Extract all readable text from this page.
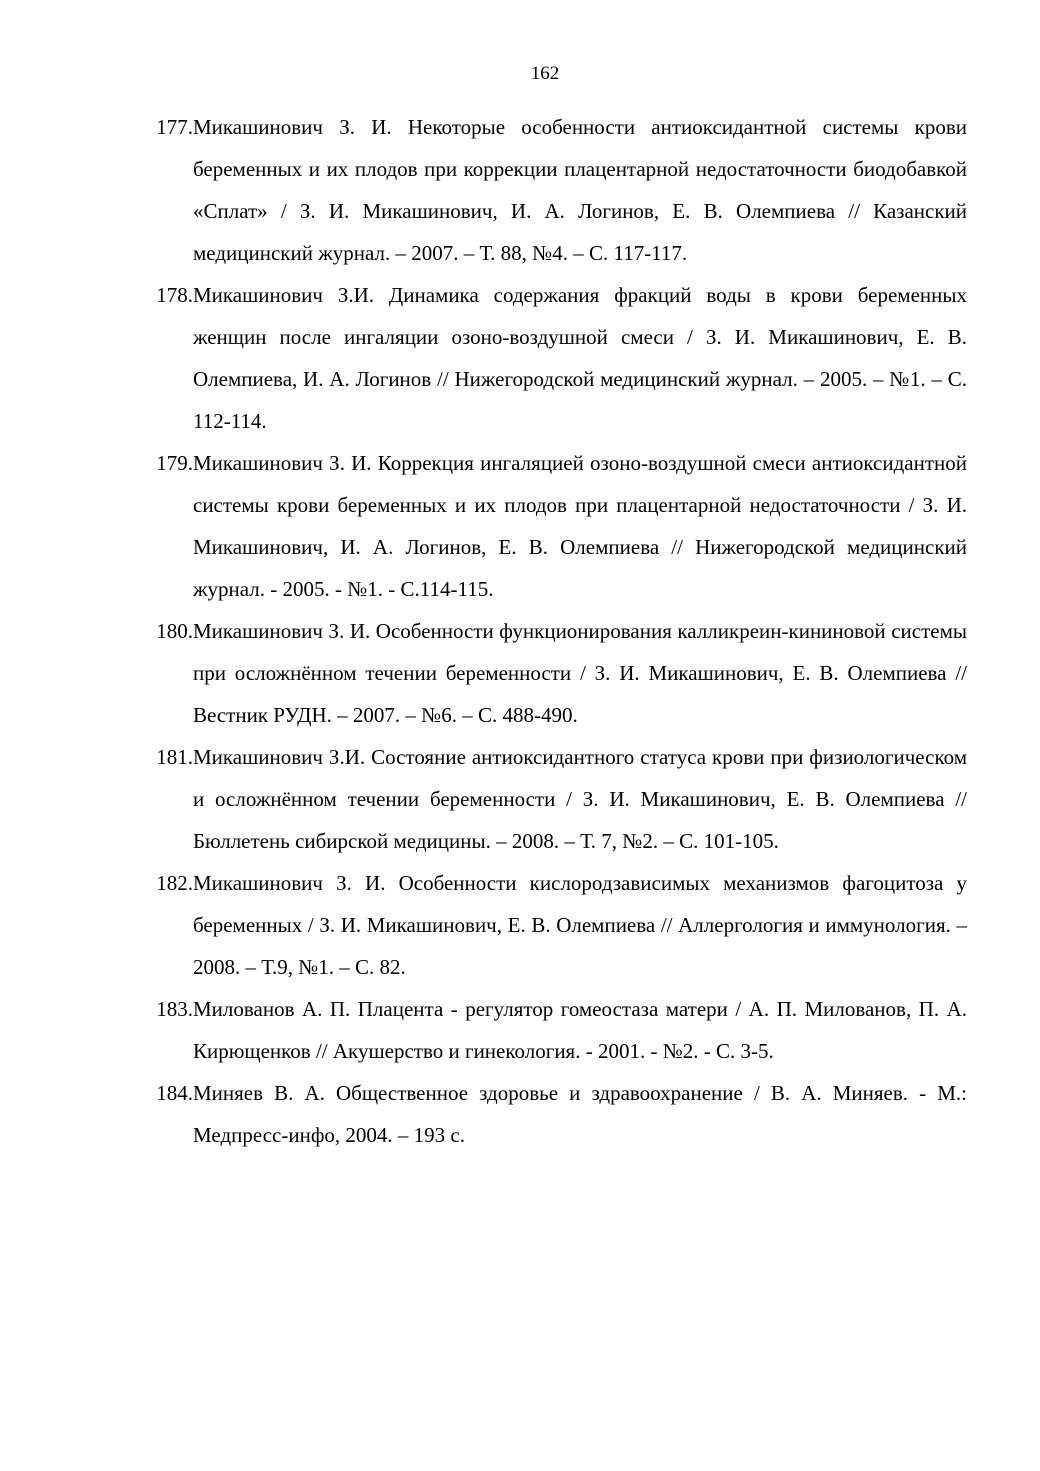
162
177. Микашинович З. И. Некоторые особенности антиоксидантной системы крови беременных и их плодов при коррекции плацентарной недостаточности биодобавкой «Сплат» / З. И. Микашинович, И. А. Логинов, Е. В. Олемпиева // Казанский медицинский журнал. – 2007. – Т. 88, №4. – С. 117-117.
178. Микашинович З.И. Динамика содержания фракций воды в крови беременных женщин после ингаляции озоно-воздушной смеси / З. И. Микашинович, Е. В. Олемпиева, И. А. Логинов // Нижегородской медицинский журнал. – 2005. – №1. – С. 112-114.
179. Микашинович З. И. Коррекция ингаляцией озоно-воздушной смеси антиоксидантной системы крови беременных и их плодов при плацентарной недостаточности / З. И. Микашинович, И. А. Логинов, Е. В. Олемпиева // Нижегородской медицинский журнал. - 2005. - №1. - С.114-115.
180. Микашинович З. И. Особенности функционирования калликреин-кининовой системы при осложнённом течении беременности / З. И. Микашинович, Е. В. Олемпиева // Вестник РУДН. – 2007. – №6. – С. 488-490.
181. Микашинович З.И. Состояние антиоксидантного статуса крови при физиологическом и осложнённом течении беременности / З. И. Микашинович, Е. В. Олемпиева // Бюллетень сибирской медицины. – 2008. – Т. 7, №2. – С. 101-105.
182. Микашинович З. И. Особенности кислородзависимых механизмов фагоцитоза у беременных / З. И. Микашинович, Е. В. Олемпиева // Аллергология и иммунология. – 2008. – Т.9, №1. – С. 82.
183. Милованов А. П. Плацента - регулятор гомеостаза матери / А. П. Милованов, П. А. Кирющенков // Акушерство и гинекология. - 2001. - №2. - С. 3-5.
184. Миняев В. А. Общественное здоровье и здравоохранение / В. А. Миняев. - М.: Медпресс-инфо, 2004. – 193 с.
